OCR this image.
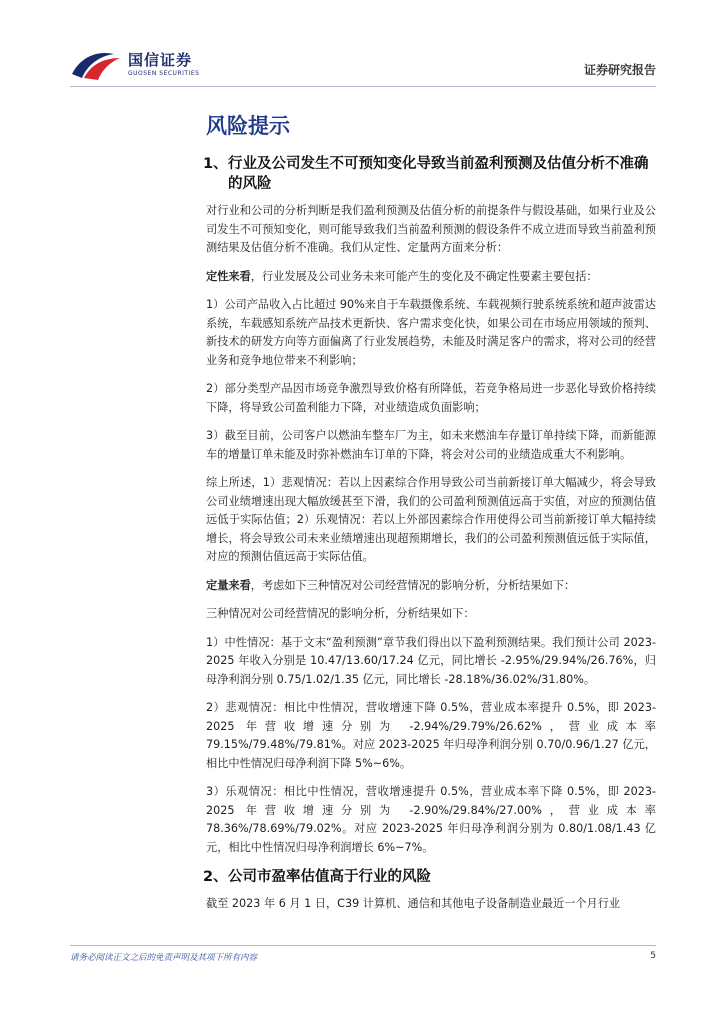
国信证券
GUOSEN SECURITIES	证券研究报告
风险提示
1、 行业及公司发生不可预知变化导致当前盈利预测及估值分析不准确的风险

对行业和公司的分析判断是我们盈利预测及估值分析的前提条件与假设基础，如果行业及公司发生不可预知变化，则可能导致我们当前盈利预测的假设条件不成立进而导致当前盈利预测结果及估值分析不准确。我们从定性、定量两方面来分析：

定性来看，行业发展及公司业务未来可能产生的变化及不确定性要素主要包括：

1）公司产品收入占比超过 90%来自于车载摄像系统、车载视频行驶系统系统和超声波雷达系统，车载感知系统产品技术更新快、客户需求变化快，如果公司在市场应用领域的预判、新技术的研发方向等方面偏离了行业发展趋势，未能及时满足客户的需求，将对公司的经营业务和竞争地位带来不利影响；

2）部分类型产品因市场竞争激烈导致价格有所降低，若竞争格局进一步恶化导致价格持续下降，将导致公司盈利能力下降，对业绩造成负面影响；

3）截至目前，公司客户以燃油车整车厂为主，如未来燃油车存量订单持续下降，而新能源车的增量订单未能及时弥补燃油车订单的下降，将会对公司的业绩造成重大不利影响。

综上所述，1）悲观情况：若以上因素综合作用导致公司当前新接订单大幅减少，将会导致公司业绩增速出现大幅放缓甚至下滑，我们的公司盈利预测值远高于实值，对应的预测估值远低于实际估值；2）乐观情况：若以上外部因素综合作用使得公司当前新接订单大幅持续增长，将会导致公司未来业绩增速出现超预期增长，我们的公司盈利预测值远低于实际值，对应的预测估值远高于实际估值。

定量来看，考虑如下三种情况对公司经营情况的影响分析，分析结果如下：

三种情况对公司经营情况的影响分析，分析结果如下：

1）中性情况：基于文末“盈利预测”章节我们得出以下盈利预测结果。我们预计公司 2023-2025 年收入分别是 10.47/13.60/17.24 亿元，同比增长 -2.95%/29.94%/26.76%，归母净利润分别 0.75/1.02/1.35 亿元，同比增长 -28.18%/36.02%/31.80%。

2）悲观情况：相比中性情况，营收增速下降 0.5%，营业成本率提升 0.5%，即 2023-2025 年营收增速分别为 -2.94%/29.79%/26.62%，营业成本率 79.15%/79.48%/79.81%。对应 2023-2025 年归母净利润分别 0.70/0.96/1.27 亿元，相比中性情况归母净利润下降 5%~6%。

3）乐观情况：相比中性情况，营收增速提升 0.5%，营业成本率下降 0.5%，即 2023-2025 年营收增速分别为 -2.90%/29.84%/27.00%，营业成本率 78.36%/78.69%/79.02%。对应 2023-2025 年归母净利润分别为 0.80/1.08/1.43 亿元，相比中性情况归母净利润增长 6%~7%。

2、 公司市盈率估值高于行业的风险

截至 2023 年 6 月 1 日，C39 计算机、通信和其他电子设备制造业最近一个月行业

请务必阅读正文之后的免责声明及其项下所有内容	5
